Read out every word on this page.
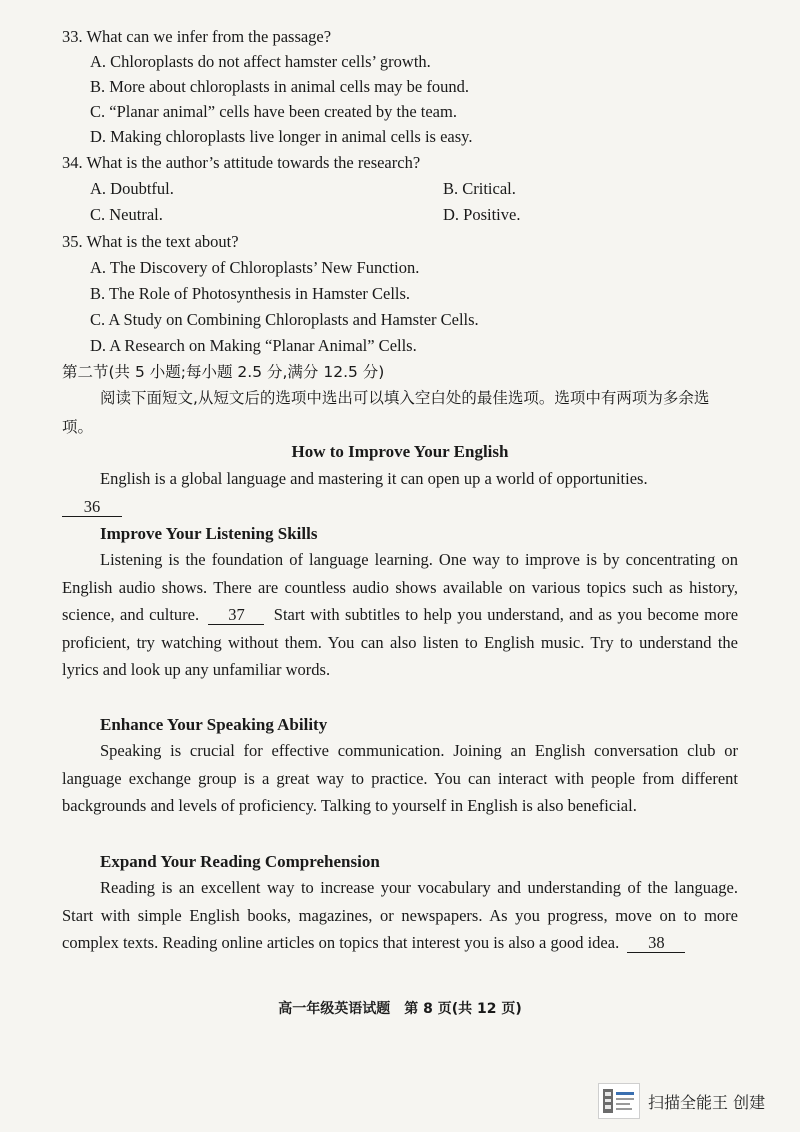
33. What can we infer from the passage?
A. Chloroplasts do not affect hamster cells’ growth.
B. More about chloroplasts in animal cells may be found.
C. “Planar animal” cells have been created by the team.
D. Making chloroplasts live longer in animal cells is easy.
34. What is the author’s attitude towards the research?
A. Doubtful.	B. Critical.
C. Neutral.	D. Positive.
35. What is the text about?
A. The Discovery of Chloroplasts’ New Function.
B. The Role of Photosynthesis in Hamster Cells.
C. A Study on Combining Chloroplasts and Hamster Cells.
D. A Research on Making “Planar Animal” Cells.
第二节(共 5 小题;每小题 2.5 分,满分 12.5 分)
阅读下面短文,从短文后的选项中选出可以填入空白处的最佳选项。选项中有两项为多余选项。
How to Improve Your English
English is a global language and mastering it can open up a world of opportunities.
36
Improve Your Listening Skills
Listening is the foundation of language learning. One way to improve is by concentrating on English audio shows. There are countless audio shows available on various topics such as history, science, and culture. 37 Start with subtitles to help you understand, and as you become more proficient, try watching without them. You can also listen to English music. Try to understand the lyrics and look up any unfamiliar words.
Enhance Your Speaking Ability
Speaking is crucial for effective communication. Joining an English conversation club or language exchange group is a great way to practice. You can interact with people from different backgrounds and levels of proficiency. Talking to yourself in English is also beneficial.
Expand Your Reading Comprehension
Reading is an excellent way to increase your vocabulary and understanding of the language. Start with simple English books, magazines, or newspapers. As you progress, move on to more complex texts. Reading online articles on topics that interest you is also a good idea. 38
高一年级英语试题　第 8 页(共 12 页)
扫描全能王 创建
